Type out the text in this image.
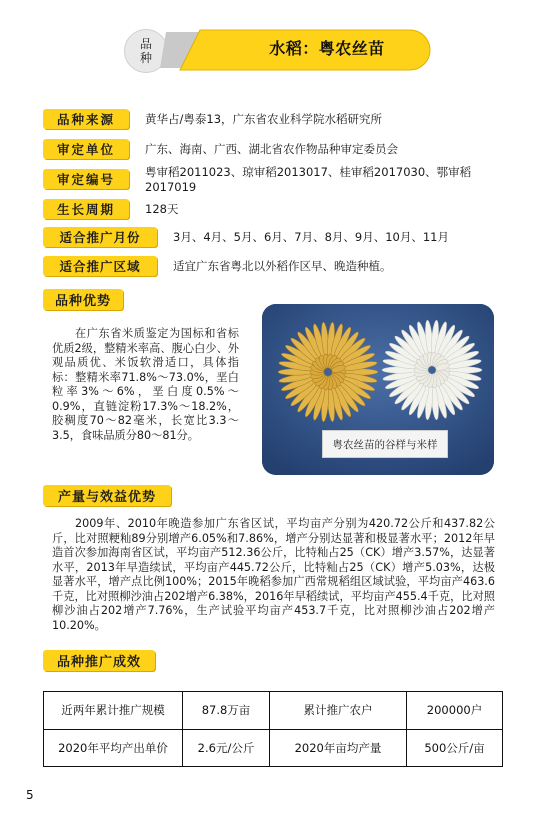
品
种	水稻：粤农丝苗
品种来源	黄华占/粤泰13，广东省农业科学院水稻研究所
审定单位	广东、海南、广西、湖北省农作物品种审定委员会
审定编号	粤审稻2011023、琼审稻2013017、桂审稻2017030、鄂审稻
2017019
生长周期	128天
适合推广月份	3月、4月、5月、6月、7月、8月、9月、10月、11月
适合推广区域	适宜广东省粤北以外稻作区早、晚造种植。
品种优势
在广东省米质鉴定为国标和省标优质2级，整精米率高、腹心白少、外观品质优、米饭软滑适口，具体指标：整精米率71.8%～73.0%，垩白粒率3%～6%，垩白度0.5%～0.9%，直链淀粉17.3%～18.2%，胶稠度70～82毫米，长宽比3.3～3.5，食味品质分80～81分。
粤农丝苗的谷样与米样
产量与效益优势
2009年、2010年晚造参加广东省区试，平均亩产分别为420.72公斤和437.82公斤，比对照粳籼89分别增产6.05%和7.86%，增产分别达显著和极显著水平；2012年早造首次参加海南省区试，平均亩产512.36公斤，比特籼占25（CK）增产3.57%，达显著水平，2013年早造续试，平均亩产445.72公斤，比特籼占25（CK）增产5.03%，达极显著水平，增产点比例100%；2015年晚稻参加广西常规稻组区域试验，平均亩产463.6千克，比对照柳沙油占202增产6.38%，2016年早稻续试，平均亩产455.4千克，比对照柳沙油占202增产7.76%，生产试验平均亩产453.7千克，比对照柳沙油占202增产10.20%。
品种推广成效
近两年累计推广规模	87.8万亩	累计推广农户	200000户
2020年平均产出单价	2.6元/公斤	2020年亩均产量	500公斤/亩
5
